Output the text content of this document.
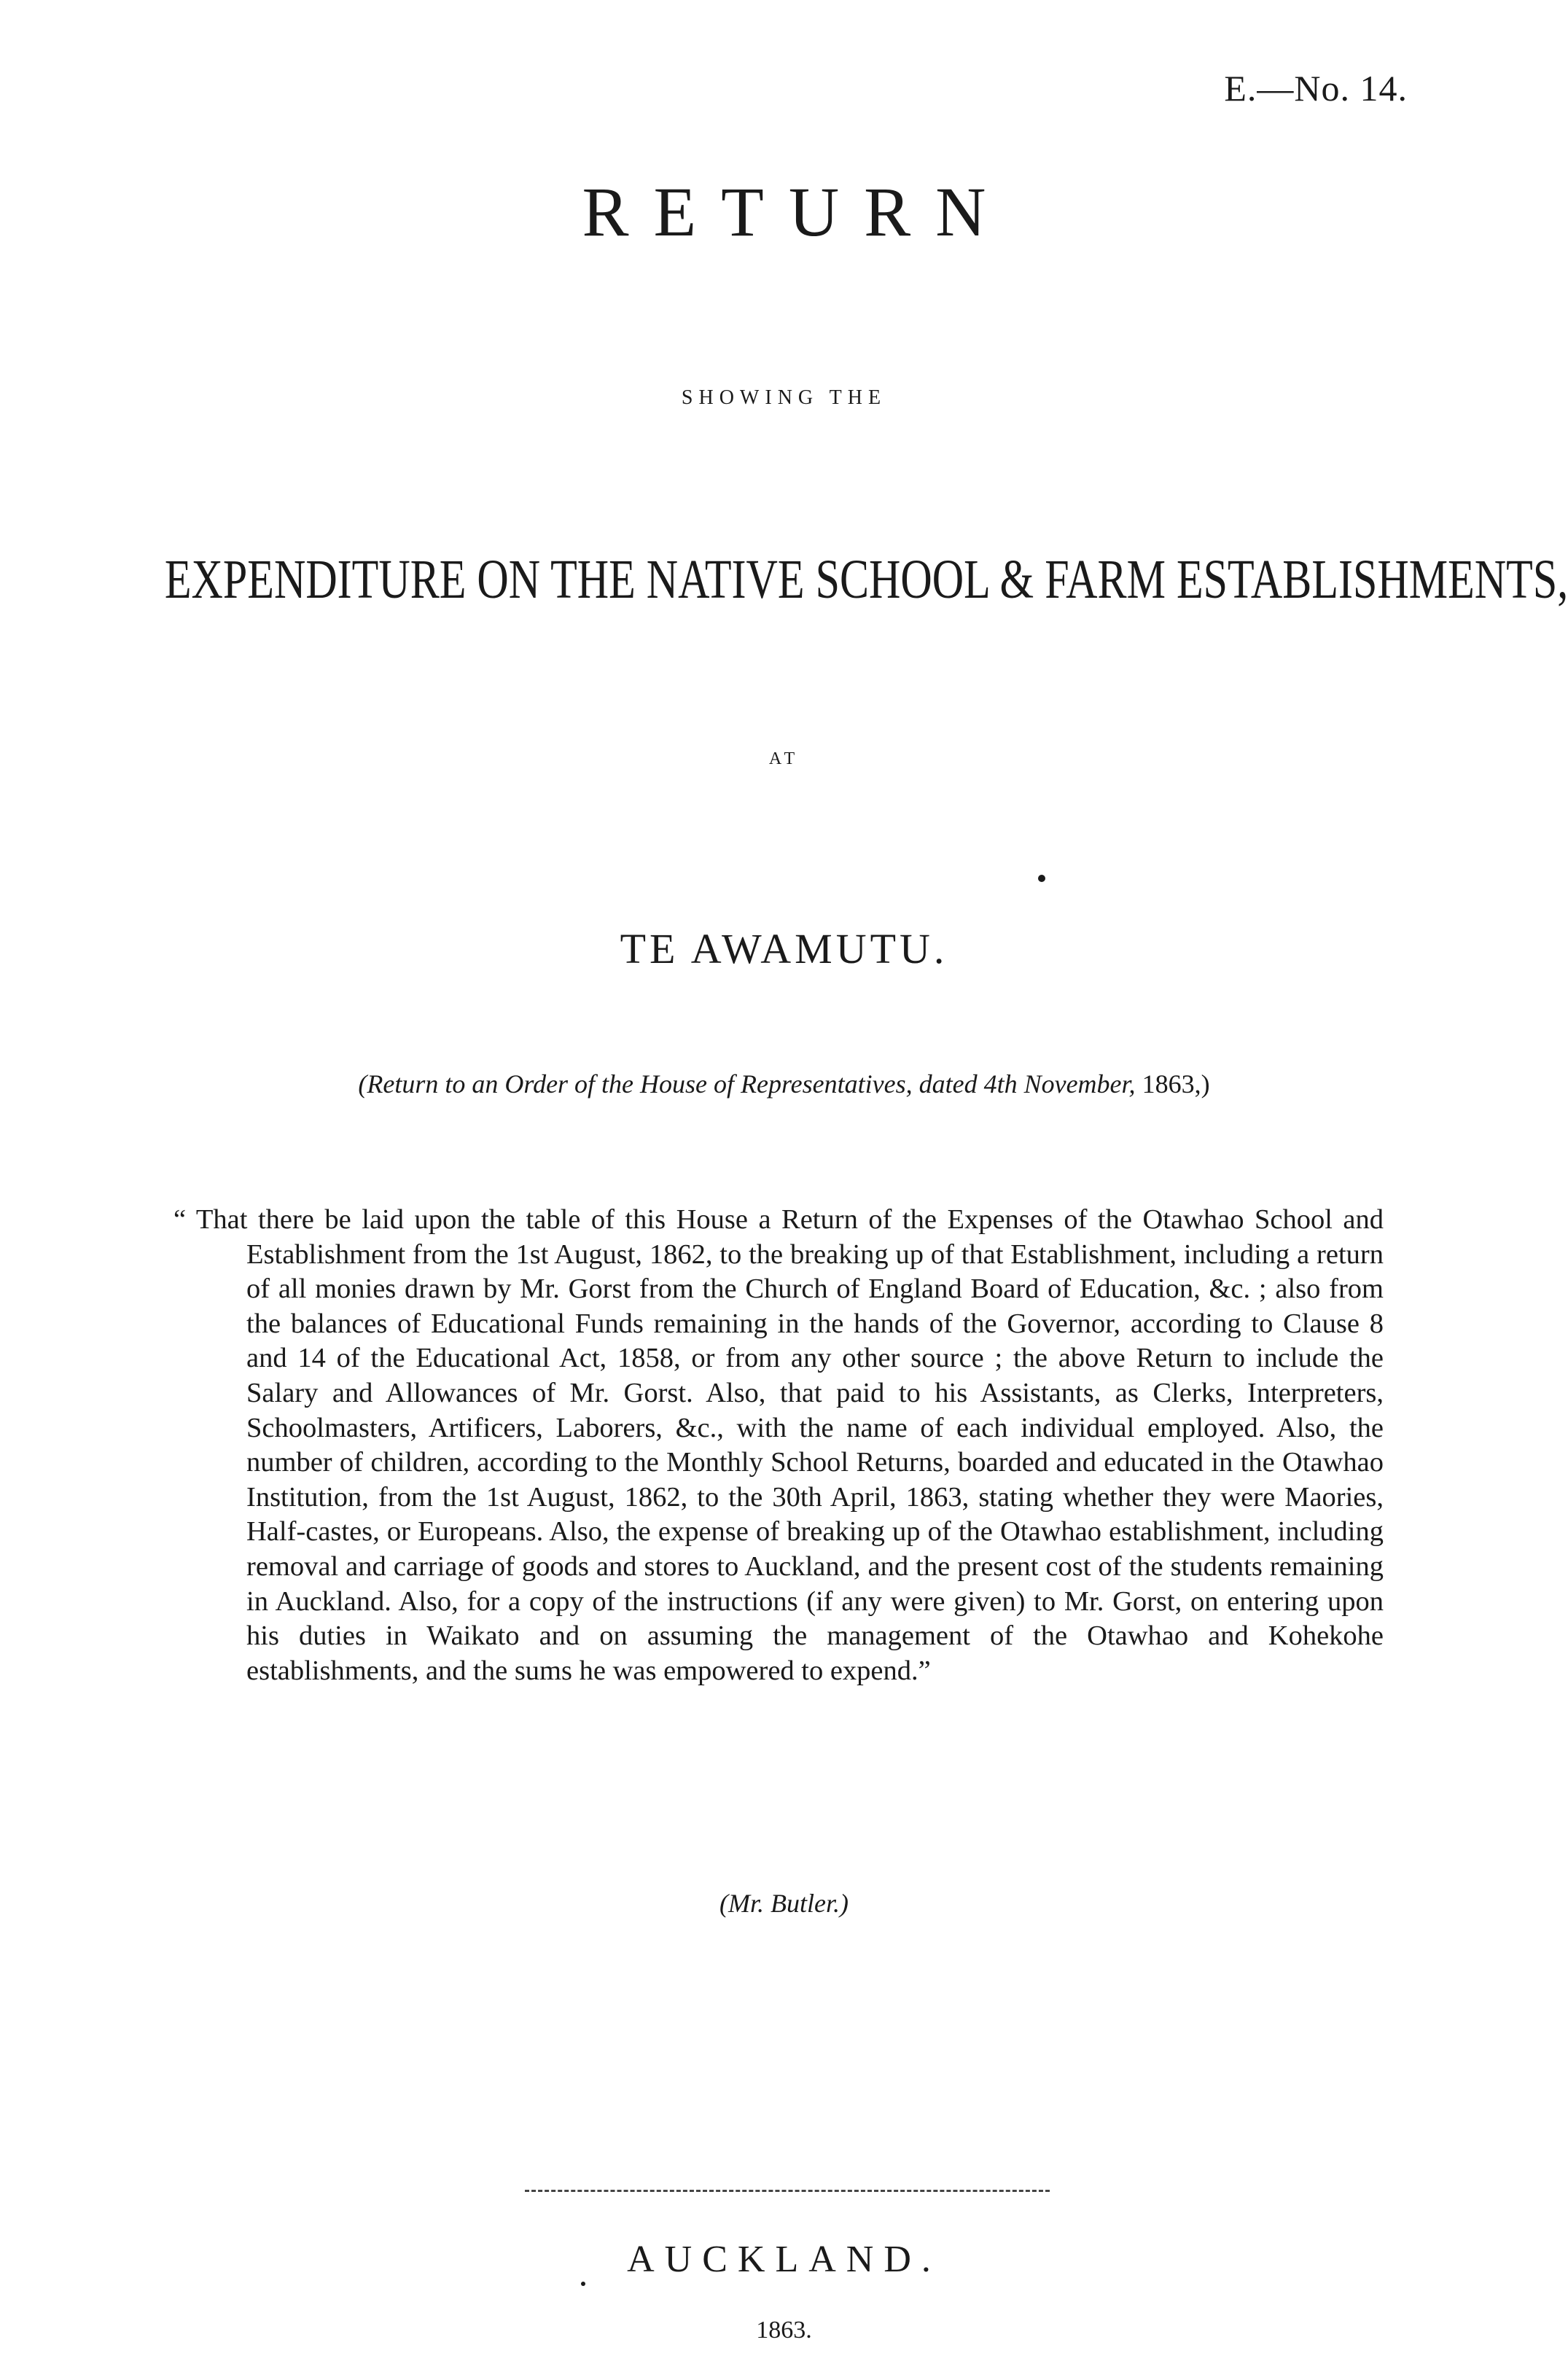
E.—No. 14.
RETURN
SHOWING THE
EXPENDITURE ON THE NATIVE SCHOOL & FARM ESTABLISHMENTS,
AT
TE AWAMUTU.
(Return to an Order of the House of Representatives, dated 4th November, 1863,)

“ That there be laid upon the table of this House a Return of the Expenses of the Otawhao School and Establishment from the 1st August, 1862, to the breaking up of that Establishment, including a return of all monies drawn by Mr. Gorst from the Church of England Board of Education, &c. ; also from the balances of Educational Funds remaining in the hands of the Governor, according to Clause 8 and 14 of the Educational Act, 1858, or from any other source ; the above Return to include the Salary and Allowances of Mr. Gorst. Also, that paid to his Assistants, as Clerks, Interpreters, Schoolmasters, Artificers, Laborers, &c., with the name of each individual employed. Also, the number of children, according to the Monthly School Returns, boarded and educated in the Otawhao Institution, from the 1st August, 1862, to the 30th April, 1863, stating whether they were Maories, Half-castes, or Europeans. Also, the expense of breaking up of the Otawhao establishment, including removal and carriage of goods and stores to Auckland, and the present cost of the students remaining in Auckland. Also, for a copy of the instructions (if any were given) to Mr. Gorst, on entering upon his duties in Waikato and on assuming the management of the Otawhao and Kohekohe establishments, and the sums he was empowered to expend.”

(Mr. Butler.)
AUCKLAND.
1863.
